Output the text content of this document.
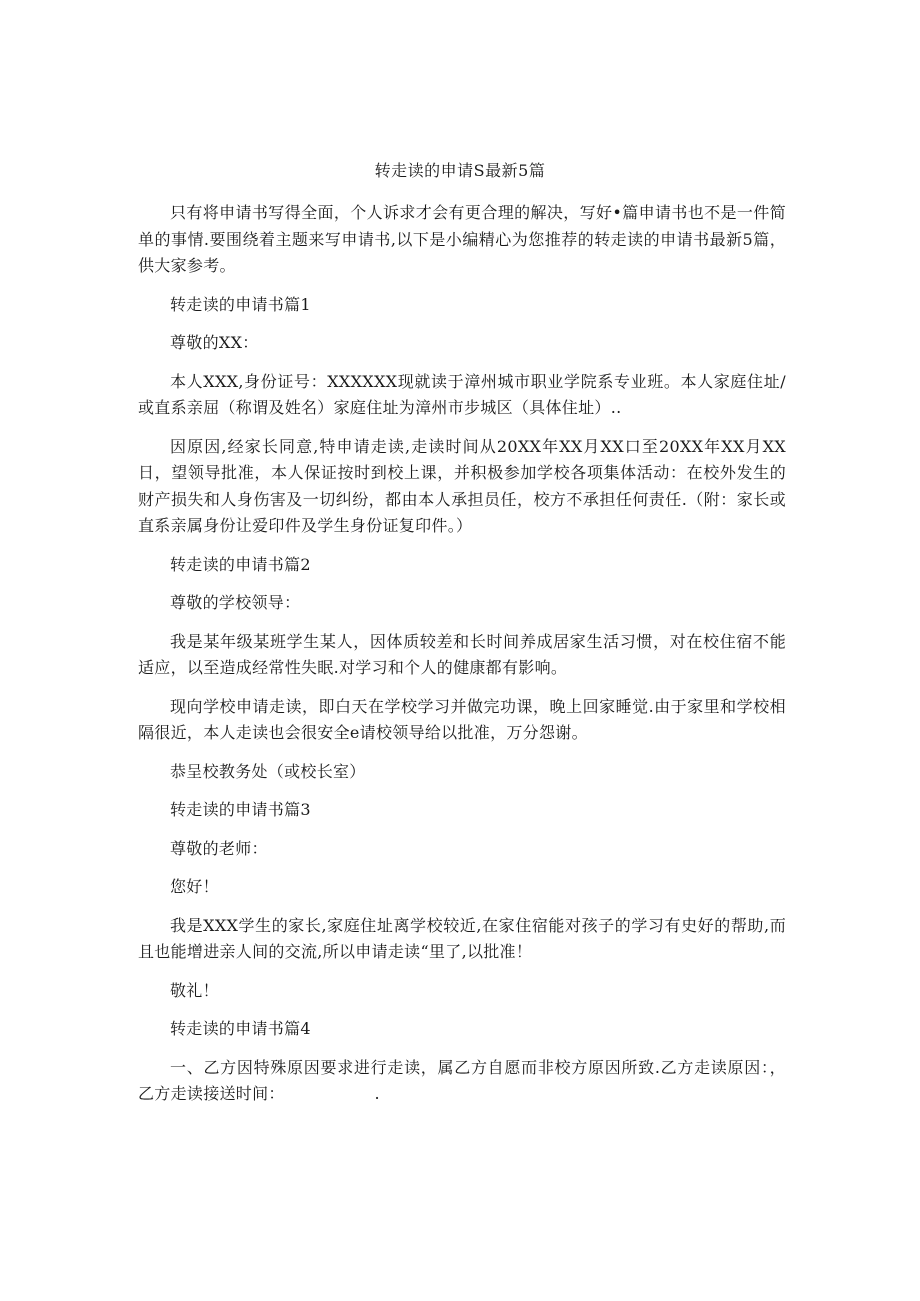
转走读的申请S最新5篇

只有将申请书写得全面，个人诉求才会有更合理的解决，写好•篇申请书也不是一件简单的事情.要围绕着主题来写申请书,以下是小编精心为您推荐的转走读的申请书最新5篇，供大家参考。

转走读的申请书篇1

尊敬的XX：

本人XXX,身份证号：XXXXXX现就读于漳州城市职业学院系专业班。本人家庭住址/或直系亲屈（称谓及姓名）家庭住址为漳州市步城区（具体住址）..

因原因,经家长同意,特申请走读,走读时间从20XX年XX月XX口至20XX年XX月XX日，望领导批准，本人保证按时到校上课，并积极参加学校各项集体活动：在校外发生的财产损失和人身伤害及一切纠纷，都由本人承担员任，校方不承担任何责任.（附：家长或直系亲属身份让爱印件及学生身份证复印件。）

转走读的申请书篇2

尊敬的学校领导：

我是某年级某班学生某人，因体质较差和长时间养成居家生活习惯，对在校住宿不能适应，以至造成经常性失眠.对学习和个人的健康都有影响。

现向学校申请走读，即白天在学校学习并做完功课，晚上回家睡觉.由于家里和学校相隔很近，本人走读也会很安全e请校领导给以批准，万分怨谢。

恭呈校教务处（或校长室）

转走读的申请书篇3

尊敬的老师：

您好！

我是XXX学生的家长,家庭住址离学校较近,在家住宿能对孩子的学习有史好的帮助,而且也能增进亲人间的交流,所以申请走读“里了,以批准！

敬礼！

转走读的申请书篇4

一、乙方因特殊原因要求进行走读，属乙方自愿而非校方原因所致.乙方走读原因：，乙方走读接送时间：　　　　　　.
